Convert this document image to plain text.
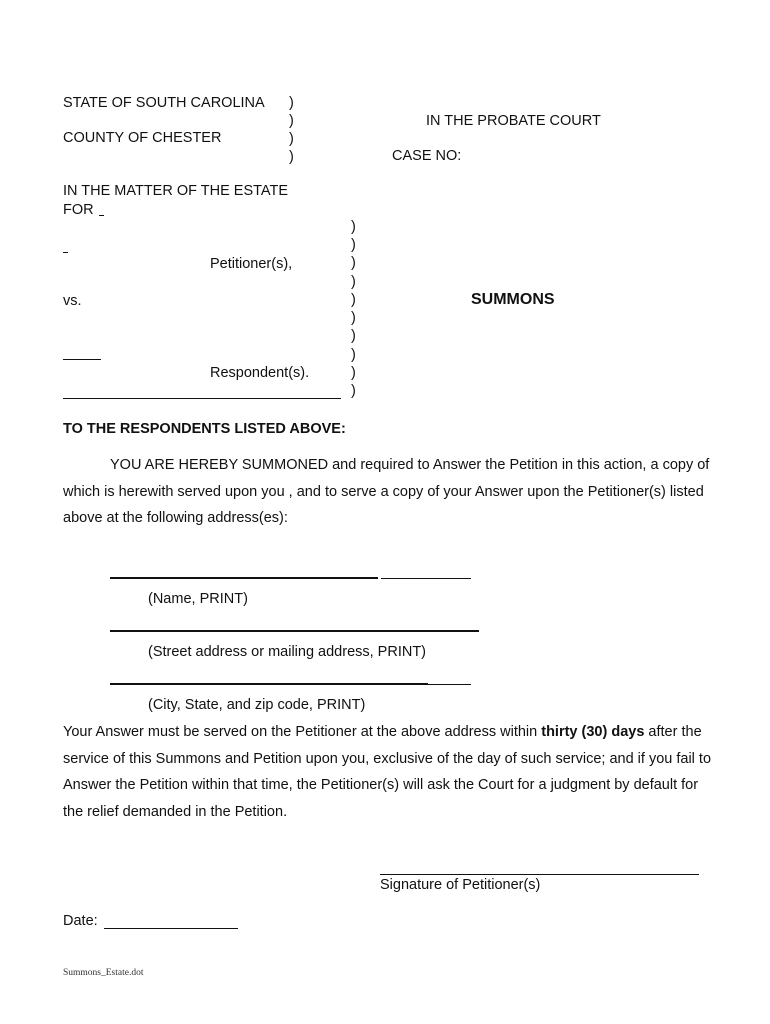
STATE OF SOUTH CAROLINA
COUNTY OF CHESTER
)
)
)
)
IN THE PROBATE COURT
CASE NO:
IN THE MATTER OF THE ESTATE
FOR
Petitioner(s),
vs.
Respondent(s).
)
)
)
)
)
)
)
)
)
)
SUMMONS
TO THE RESPONDENTS LISTED ABOVE:
YOU ARE HEREBY SUMMONED and required to Answer the Petition in this action, a copy of which is herewith served upon you , and to serve a copy of your Answer upon the Petitioner(s) listed above at the following address(es):
(Name, PRINT)
(Street address or mailing address, PRINT)
(City, State, and zip code, PRINT)
Your Answer must be served on the Petitioner at the above address within thirty (30) days after the service of this Summons and Petition upon you, exclusive of the day of such service; and if you fail to Answer the Petition within that time, the Petitioner(s) will ask the Court for a judgment by default for the relief demanded in the Petition.
Signature of Petitioner(s)
Date:
Summons_Estate.dot
